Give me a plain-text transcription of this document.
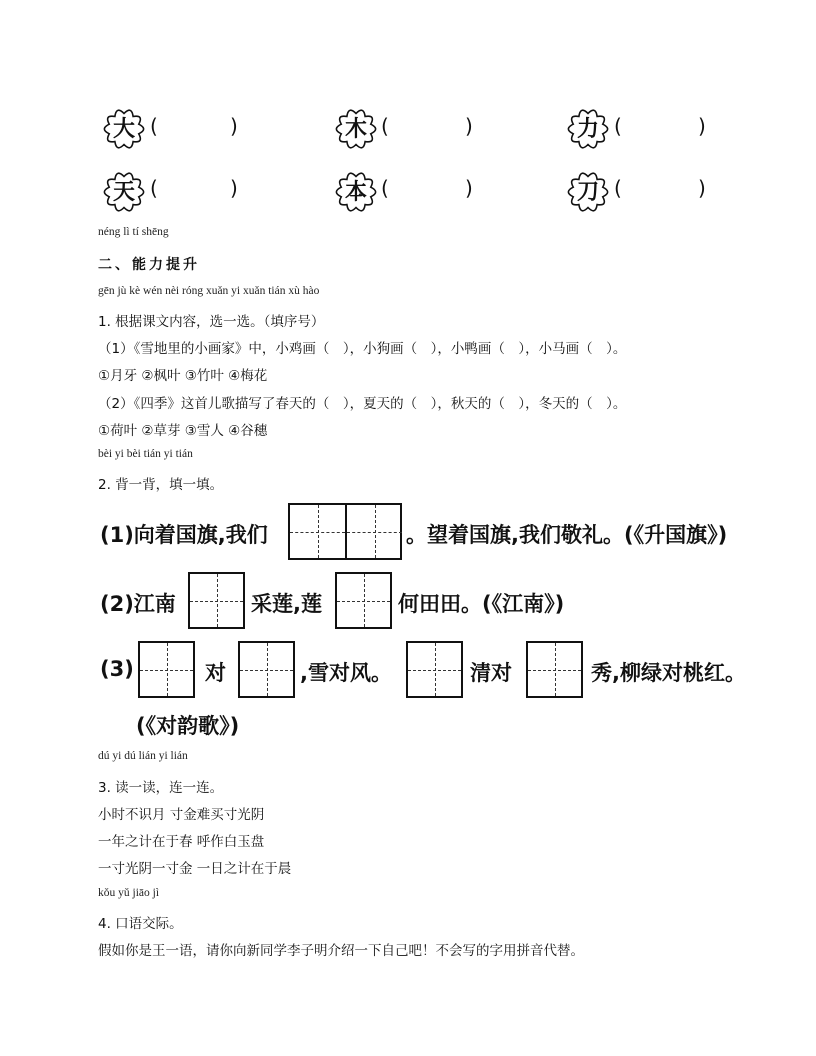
大 (	)	木 (	)	力 (	)
天 (	)	本 (	)	刀 (	)
néng lì tí shēng
二、能力提升
gēn jù kè wén nèi róng xuǎn yi xuǎn tián xù hào
1. 根据课文内容，选一选。（填序号）
（1）《雪地里的小画家》中，小鸡画（　），小狗画（　），小鸭画（　），小马画（　）。
①月牙 ②枫叶 ③竹叶 ④梅花
（2）《四季》这首儿歌描写了春天的（　），夏天的（　），秋天的（　），冬天的（　）。
①荷叶 ②草芽 ③雪人 ④谷穗
bèi yi bèi tián yi tián
2. 背一背，填一填。
(1)向着国旗,我们	。望着国旗,我们敬礼。(《升国旗》)
(2)江南	采莲,莲	何田田。(《江南》)
(3)	对	,雪对风。	清对	秀,柳绿对桃红。
(《对韵歌》)
dú yi dú lián yi lián
3. 读一读，连一连。
小时不识月 寸金难买寸光阴
一年之计在于春 呼作白玉盘
一寸光阴一寸金 一日之计在于晨
kǒu yǔ jiāo jì
4. 口语交际。
假如你是王一语，请你向新同学李子明介绍一下自己吧！不会写的字用拼音代替。
